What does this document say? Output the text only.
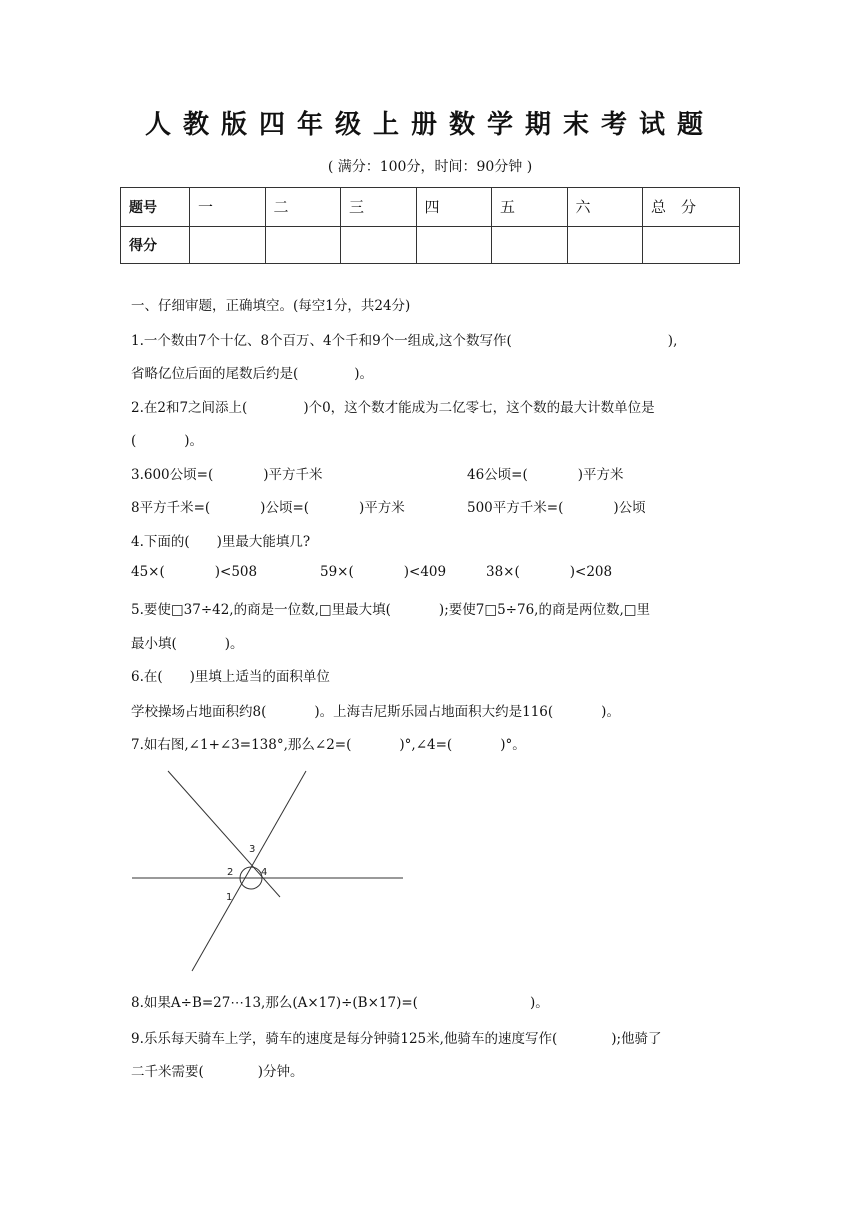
人教版四年级上册数学期末考试题
( 满分：100分，时间：90分钟 )
题号	一	二	三	四	五	六	总　分
得分							
一、仔细审题，正确填空。(每空1分，共24分)
1.一个数由7个十亿、8个百万、4个千和9个一组成,这个数写作(	),
省略亿位后面的尾数后约是(	)。
2.在2和7之间添上(	)个0，这个数才能成为二亿零七，这个数的最大计数单位是
(	)。
3.600公顷=(	)平方千米	46公顷=(	)平方米
8平方千米=(	)公顷=(	)平方米	500平方千米=(	)公顷
4.下面的(　　)里最大能填几?
45×(	)<508	59×(	)<409	38×(	)<208
5.要使□37÷42,的商是一位数,□里最大填(	);要使7□5÷76,的商是两位数,□里
最小填(	)。
6.在(　　)里填上适当的面积单位
学校操场占地面积约8(	)。上海吉尼斯乐园占地面积大约是116(	)。
7.如右图,∠1+∠3=138°,那么∠2=(	)°,∠4=(	)°。
3
2	4
1
8.如果A÷B=27⋯13,那么(A×17)÷(B×17)=(	)。
9.乐乐每天骑车上学，骑车的速度是每分钟骑125米,他骑车的速度写作(	);他骑了
二千米需要(	)分钟。
